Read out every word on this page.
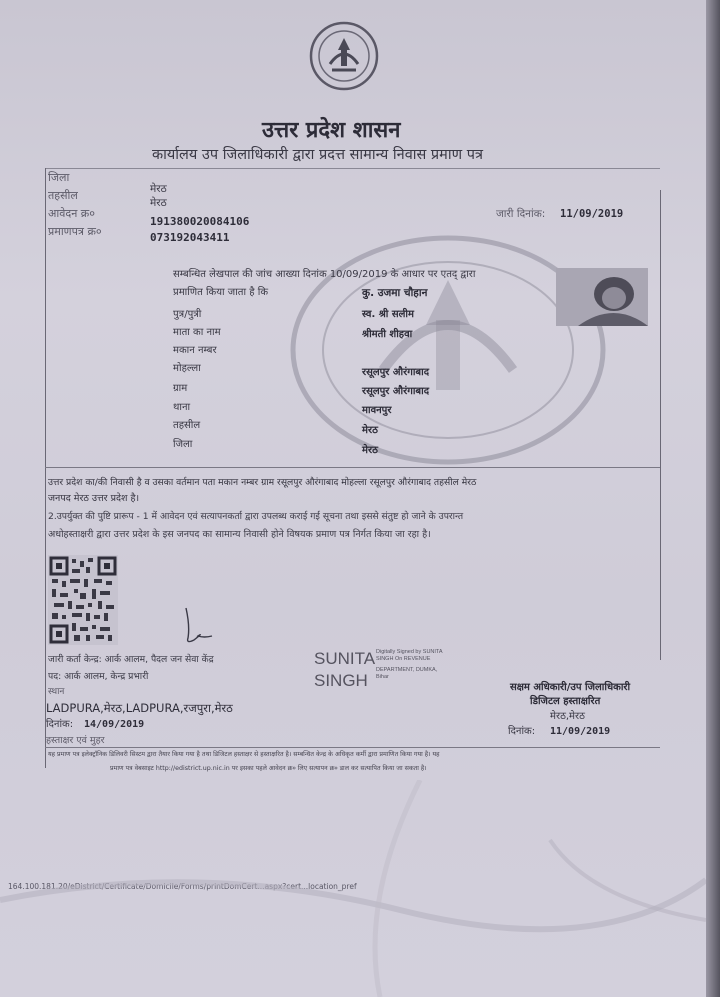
उत्तर प्रदेश शासन
कार्यालय उप जिलाधिकारी द्वारा प्रदत्त सामान्य निवास प्रमाण पत्र
जिला
मेरठ
तहसील
मेरठ
आवेदन क्र०
191380020084106
प्रमाणपत्र क्र०	073192043411
जारी दिनांक: 11/09/2019
सम्बन्धित लेखपाल की जांच आख्या दिनांक 10/09/2019 के आधार पर एतद् द्वारा
प्रमाणित किया जाता है कि	कु. उजमा चौहान
पुत्र/पुत्री
माता का नाम
मकान नम्बर
मोहल्ला
ग्राम
थाना
तहसील
जिला
स्व. श्री सलीम
श्रीमती शीहवा
रसूलपुर औरंगाबाद
रसूलपुर औरंगाबाद
मावनपुर
मेरठ
मेरठ
उत्तर प्रदेश का/की निवासी है व उसका वर्तमान पता मकान नम्बर ग्राम रसूलपुर औरंगाबाद मोहल्ला रसूलपुर औरंगाबाद तहसील मेरठ
जनपद मेरठ उत्तर प्रदेश है।
2.उपर्युक्त की पुष्टि प्रारूप - 1 में आवेदन एवं सत्यापनकर्ता द्वारा उपलब्ध कराई गई सूचना तथा इससे संतुष्ट हो जाने के उपरान्त
अधोहस्ताक्षरी द्वारा उत्तर प्रदेश के इस जनपद का सामान्य निवासी होने विषयक प्रमाण पत्र निर्गत किया जा रहा है।
जारी कर्ता केन्द्र: आर्क आलम, पैदल जन सेवा केंद्र
पद: आर्क आलम, केन्द्र प्रभारी
स्थान
LADPURA,मेरठ,LADPURA,रजपुरा,मेरठ
दिनांक: 14/09/2019
हस्ताक्षर एवं मुहर
SUNITA
SINGH
Digitally Signed by SUNITA
SINGH On REVENUE
DEPARTMENT, DUMKA,
Bihar
सक्षम अधिकारी/उप जिलाधिकारी
डिजिटल हस्ताक्षरित
मेरठ,मेरठ
दिनांक: 11/09/2019
यह प्रमाण पत्र इलेक्ट्रॉनिक डिलिवरी सिस्टम द्वारा तैयार किया गया है तथा डिजिटल हस्ताक्षर से हस्ताक्षरित है। सम्बन्धित केन्द्र के अधिकृत कर्मी द्वारा प्रमाणित किया गया है। यह
प्रमाण पत्र वेबसाइट http://edistrict.up.nic.in पर इसका पहले आवेदन क्र० लिए सत्यापन क्र० डाल कर सत्यापित किया जा सकता है।
164.100.181.20/eDistrict/Certificate/Domicile/Forms/printDomCert...aspx?cert...location_pref
